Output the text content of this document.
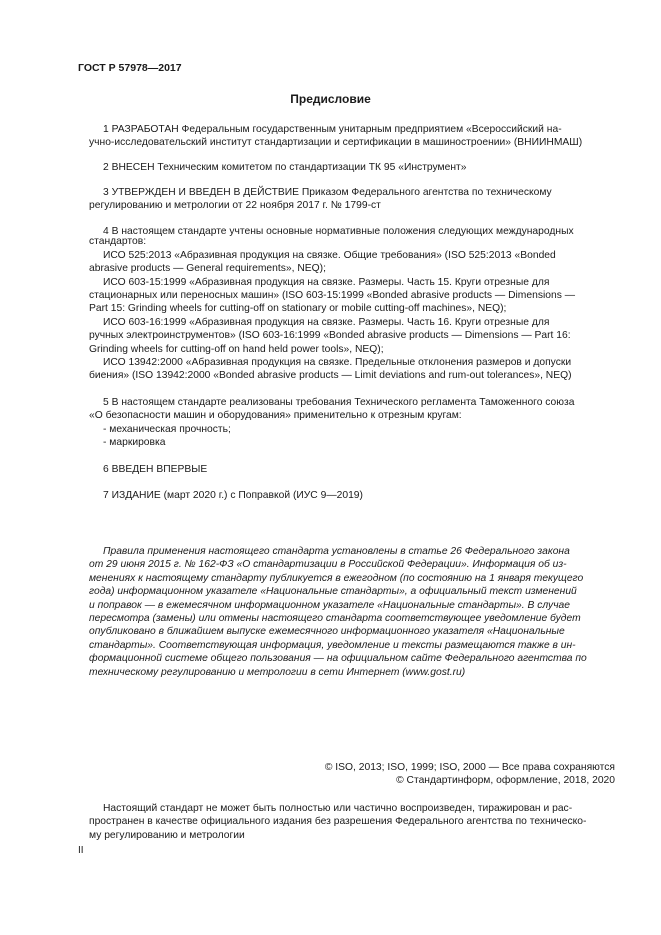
ГОСТ Р 57978—2017
Предисловие

1 РАЗРАБОТАН Федеральным государственным унитарным предприятием «Всероссийский на-

учно-исследовательский институт стандартизации и сертификации в машиностроении» (ВНИИНМАШ)

2 ВНЕСЕН Техническим комитетом по стандартизации ТК 95 «Инструмент»

3 УТВЕРЖДЕН И ВВЕДЕН В ДЕЙСТВИЕ Приказом Федерального агентства по техническому

регулированию и метрологии от 22 ноября 2017 г. № 1799-ст

4 В настоящем стандарте учтены основные нормативные положения следующих международных

стандартов:

ИСО 525:2013 «Абразивная продукция на связке. Общие требования» (ISO 525:2013 «Bonded

abrasive products — General requirements», NEQ);

ИСО 603-15:1999 «Абразивная продукция на связке. Размеры. Часть 15. Круги отрезные для

стационарных или переносных машин» (ISO 603-15:1999 «Bonded abrasive products — Dimensions —

Part 15: Grinding wheels for cutting-off on stationary or mobile cutting-off machines», NEQ);

ИСО 603-16:1999 «Абразивная продукция на связке. Размеры. Часть 16. Круги отрезные для

ручных электроинструментов» (ISO 603-16:1999 «Bonded abrasive products — Dimensions — Part 16:

Grinding wheels for cutting-off on hand held power tools», NEQ);

ИСО 13942:2000 «Абразивная продукция на связке. Предельные отклонения размеров и допуски

биения» (ISO 13942:2000 «Bonded abrasive products — Limit deviations and rum-out tolerances», NEQ)

5 В настоящем стандарте реализованы требования Технического регламента Таможенного союза

«О безопасности машин и оборудования» применительно к отрезным кругам:

- механическая прочность;

- маркировка

6 ВВЕДЕН ВПЕРВЫЕ

7 ИЗДАНИЕ (март 2020 г.) с Поправкой (ИУС 9—2019)

Правила применения настоящего стандарта установлены в статье 26 Федерального закона

от 29 июня 2015 г. № 162-ФЗ «О стандартизации в Российской Федерации». Информация об из-

менениях к настоящему стандарту публикуется в ежегодном (по состоянию на 1 января текущего

года) информационном указателе «Национальные стандарты», а официальный текст изменений

и поправок — в ежемесячном информационном указателе «Национальные стандарты». В случае

пересмотра (замены) или отмены настоящего стандарта соответствующее уведомление будет

опубликовано в ближайшем выпуске ежемесячного информационного указателя «Национальные

стандарты». Соответствующая информация, уведомление и тексты размещаются также в ин-

формационной системе общего пользования — на официальном сайте Федерального агентства по

техническому регулированию и метрологии в сети Интернет (www.gost.ru)

© ISO, 2013; ISO, 1999; ISO, 2000 — Все права сохраняются
© Стандартинформ, оформление, 2018, 2020

Настоящий стандарт не может быть полностью или частично воспроизведен, тиражирован и рас-

пространен в качестве официального издания без разрешения Федерального агентства по техническо-

му регулированию и метрологии

II
